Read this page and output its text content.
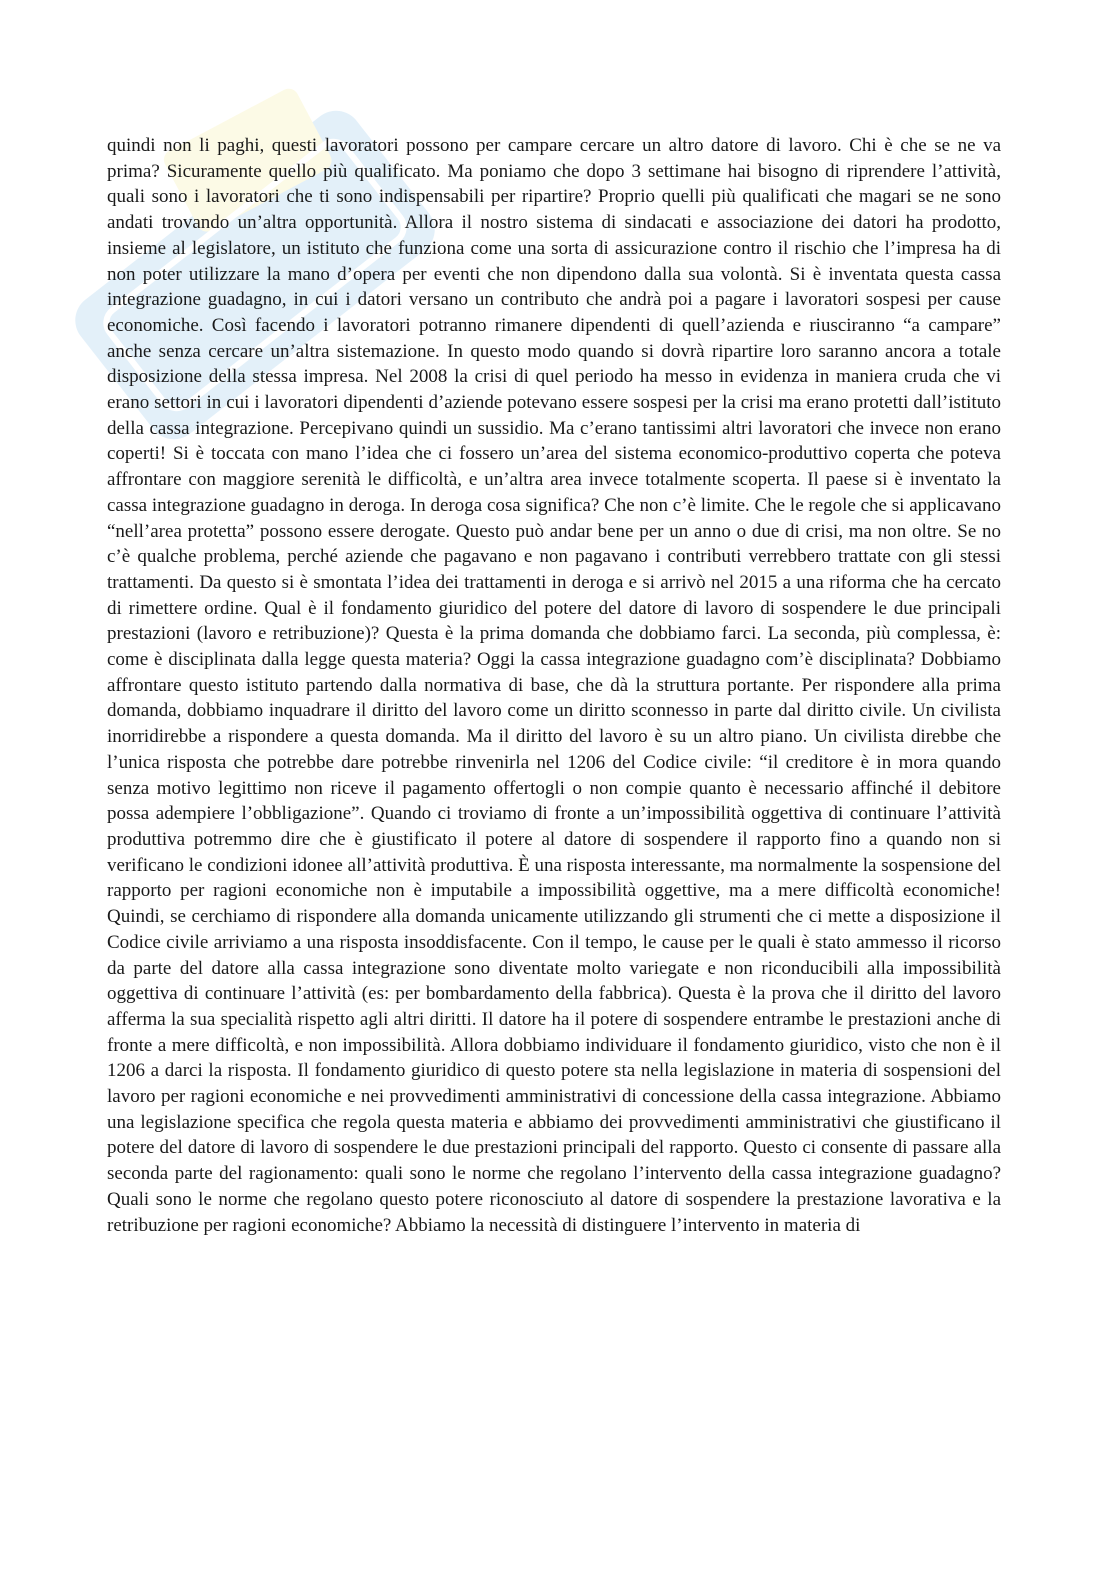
quindi non li paghi, questi lavoratori possono per campare cercare un altro datore di lavoro. Chi è che se ne va prima? Sicuramente quello più qualificato. Ma poniamo che dopo 3 settimane hai bisogno di riprendere l’attività, quali sono i lavoratori che ti sono indispensabili per ripartire? Proprio quelli più qualificati che magari se ne sono andati trovando un’altra opportunità. Allora il nostro sistema di sindacati e associazione dei datori ha prodotto, insieme al legislatore, un istituto che funziona come una sorta di assicurazione contro il rischio che l’impresa ha di non poter utilizzare la mano d’opera per eventi che non dipendono dalla sua volontà. Si è inventata questa cassa integrazione guadagno, in cui i datori versano un contributo che andrà poi a pagare i lavoratori sospesi per cause economiche. Così facendo i lavoratori potranno rimanere dipendenti di quell’azienda e riusciranno “a campare” anche senza cercare un’altra sistemazione. In questo modo quando si dovrà ripartire loro saranno ancora a totale disposizione della stessa impresa. Nel 2008 la crisi di quel periodo ha messo in evidenza in maniera cruda che vi erano settori in cui i lavoratori dipendenti d’aziende potevano essere sospesi per la crisi ma erano protetti dall’istituto della cassa integrazione. Percepivano quindi un sussidio. Ma c’erano tantissimi altri lavoratori che invece non erano coperti! Si è toccata con mano l’idea che ci fossero un’area del sistema economico-produttivo coperta che poteva affrontare con maggiore serenità le difficoltà, e un’altra area invece totalmente scoperta. Il paese si è inventato la cassa integrazione guadagno in deroga. In deroga cosa significa? Che non c’è limite. Che le regole che si applicavano “nell’area protetta” possono essere derogate. Questo può andar bene per un anno o due di crisi, ma non oltre. Se no c’è qualche problema, perché aziende che pagavano e non pagavano i contributi verrebbero trattate con gli stessi trattamenti. Da questo si è smontata l’idea dei trattamenti in deroga e si arrivò nel 2015 a una riforma che ha cercato di rimettere ordine. Qual è il fondamento giuridico del potere del datore di lavoro di sospendere le due principali prestazioni (lavoro e retribuzione)? Questa è la prima domanda che dobbiamo farci. La seconda, più complessa, è: come è disciplinata dalla legge questa materia? Oggi la cassa integrazione guadagno com’è disciplinata? Dobbiamo affrontare questo istituto partendo dalla normativa di base, che dà la struttura portante. Per rispondere alla prima domanda, dobbiamo inquadrare il diritto del lavoro come un diritto sconnesso in parte dal diritto civile. Un civilista inorridirebbe a rispondere a questa domanda. Ma il diritto del lavoro è su un altro piano. Un civilista direbbe che l’unica risposta che potrebbe dare potrebbe rinvenirla nel 1206 del Codice civile: “il creditore è in mora quando senza motivo legittimo non riceve il pagamento offertogli o non compie quanto è necessario affinché il debitore possa adempiere l’obbligazione”. Quando ci troviamo di fronte a un’impossibilità oggettiva di continuare l’attività produttiva potremmo dire che è giustificato il potere al datore di sospendere il rapporto fino a quando non si verificano le condizioni idonee all’attività produttiva. È una risposta interessante, ma normalmente la sospensione del rapporto per ragioni economiche non è imputabile a impossibilità oggettive, ma a mere difficoltà economiche! Quindi, se cerchiamo di rispondere alla domanda unicamente utilizzando gli strumenti che ci mette a disposizione il Codice civile arriviamo a una risposta insoddisfacente. Con il tempo, le cause per le quali è stato ammesso il ricorso da parte del datore alla cassa integrazione sono diventate molto variegate e non riconducibili alla impossibilità oggettiva di continuare l’attività (es: per bombardamento della fabbrica). Questa è la prova che il diritto del lavoro afferma la sua specialità rispetto agli altri diritti. Il datore ha il potere di sospendere entrambe le prestazioni anche di fronte a mere difficoltà, e non impossibilità. Allora dobbiamo individuare il fondamento giuridico, visto che non è il 1206 a darci la risposta. Il fondamento giuridico di questo potere sta nella legislazione in materia di sospensioni del lavoro per ragioni economiche e nei provvedimenti amministrativi di concessione della cassa integrazione. Abbiamo una legislazione specifica che regola questa materia e abbiamo dei provvedimenti amministrativi che giustificano il potere del datore di lavoro di sospendere le due prestazioni principali del rapporto. Questo ci consente di passare alla seconda parte del ragionamento: quali sono le norme che regolano l’intervento della cassa integrazione guadagno? Quali sono le norme che regolano questo potere riconosciuto al datore di sospendere la prestazione lavorativa e la retribuzione per ragioni economiche? Abbiamo la necessità di distinguere l’intervento in materia di
